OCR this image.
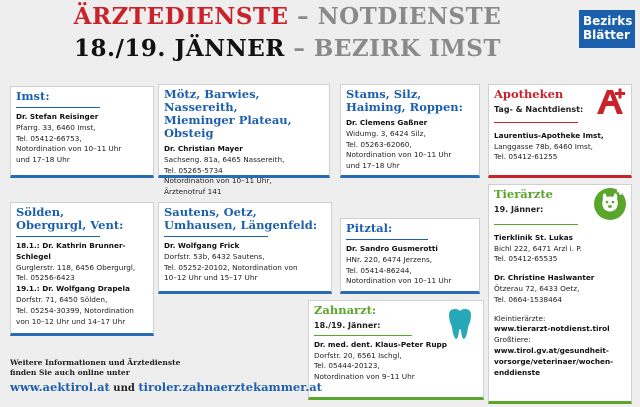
ÄRZTEDIENSTE – NOTDIENSTE
18./19. JÄNNER – BEZIRK IMST
Bezirks
Blätter
Imst:
Dr. Stefan Reisinger
Pfarrg. 33, 6460 Imst,
Tel. 05412-66753,
Notordination von 10–11 Uhr
und 17–18 Uhr
Mötz, Barwies, Nassereith,
Mieminger Plateau, Obsteig
Dr. Christian Mayer
Sachseng. 81a, 6465 Nassereith,
Tel. 05265-5734
Notordination von 10–11 Uhr,
Ärztenotruf 141
Stams, Silz,
Haiming, Roppen:
Dr. Clemens Gaßner
Widumg. 3, 6424 Silz,
Tel. 05263-62060,
Notordination von 10–11 Uhr
und 17–18 Uhr
Apotheken
Tag- & Nachtdienst:
Laurentius-Apotheke Imst,
Langgasse 78b, 6460 Imst,
Tel. 05412-61255
Sölden,
Obergurgl, Vent:
18.1.: Dr. Kathrin Brunner-
Schlegel
Gurglerstr. 118, 6456 Obergurgl,
Tel. 05256-6423
19.1.: Dr. Wolfgang Drapela
Dorfstr. 71, 6450 Sölden,
Tel. 05254-30399, Notordination
von 10–12 Uhr und 14–17 Uhr
Sautens, Oetz,
Umhausen, Längenfeld:
Dr. Wolfgang Frick
Dorfstr. 53b, 6432 Sautens,
Tel. 05252-20102, Notordination von
10–12 Uhr und 15–17 Uhr
Pitztal:
Dr. Sandro Gusmerotti
HNr. 220, 6474 Jerzens,
Tel. 05414-86244,
Notordination von 10–11 Uhr
Tierärzte
19. Jänner:
Tierklinik St. Lukas
Bichl 222, 6471 Arzl i. P.
Tel. 05412-65535
Dr. Christine Haslwanter
Ötzerau 72, 6433 Oetz,
Tel. 0664-1538464
Kleintierärzte:
www.tierarzt-notdienst.tirol
Großtiere:
www.tirol.gv.at/gesundheit-
vorsorge/veterinaer/wochen-
enddienste
Zahnarzt:
18./19. Jänner:
Dr. med. dent. Klaus-Peter Rupp
Dorfstr. 20, 6561 Ischgl,
Tel. 05444-20123,
Notordination von 9–11 Uhr
Weitere Informationen und Ärztedienste
finden Sie auch online unter
www.aektirol.at und tiroler.zahnaerztekammer.at
